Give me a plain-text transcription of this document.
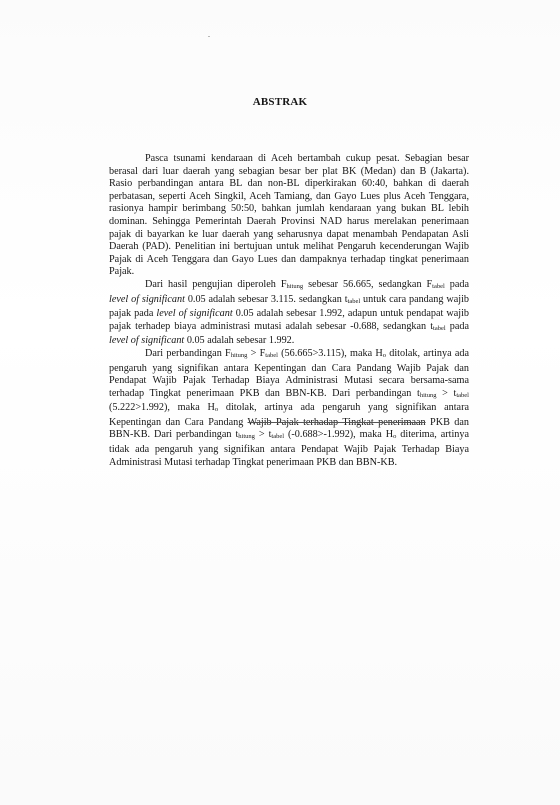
ABSTRAK

Pasca tsunami kendaraan di Aceh bertambah cukup pesat. Sebagian besar berasal dari luar daerah yang sebagian besar ber plat BK (Medan) dan B (Jakarta). Rasio perbandingan antara BL dan non-BL diperkirakan 60:40, bahkan di daerah perbatasan, seperti Aceh Singkil, Aceh Tamiang, dan Gayo Lues plus Aceh Tenggara, rasionya hampir berimbang 50:50, bahkan jumlah kendaraan yang bukan BL lebih dominan. Sehingga Pemerintah Daerah Provinsi NAD harus merelakan penerimaan pajak di bayarkan ke luar daerah yang seharusnya dapat menambah Pendapatan Asli Daerah (PAD). Penelitian ini bertujuan untuk melihat Pengaruh kecenderungan Wajib Pajak di Aceh Tenggara dan Gayo Lues dan dampaknya terhadap tingkat penerimaan Pajak.

Dari hasil pengujian diperoleh Fhitung sebesar 56.665, sedangkan Ftabel pada level of significant 0.05 adalah sebesar 3.115. sedangkan ttabel untuk cara pandang wajib pajak pada level of significant 0.05 adalah sebesar 1.992, adapun untuk pendapat wajib pajak terhadep biaya administrasi mutasi adalah sebesar -0.688, sedangkan ttabel pada level of significant 0.05 adalah sebesar 1.992.

Dari perbandingan Fhitung > Ftabel (56.665>3.115), maka Ho ditolak, artinya ada pengaruh yang signifikan antara Kepentingan dan Cara Pandang Wajib Pajak dan Pendapat Wajib Pajak Terhadap Biaya Administrasi Mutasi secara bersama-sama terhadap Tingkat penerimaan PKB dan BBN-KB. Dari perbandingan thitung > ttabel (5.222>1.992), maka Ho ditolak, artinya ada pengaruh yang signifikan antara Kepentingan dan Cara Pandang Wajib Pajak terhadap Tingkat penerimaan PKB dan BBN-KB. Dari perbandingan thitung > ttabel (-0.688>-1.992), maka Ho diterima, artinya tidak ada pengaruh yang signifikan antara Pendapat Wajib Pajak Terhadap Biaya Administrasi Mutasi terhadap Tingkat penerimaan PKB dan BBN-KB.
